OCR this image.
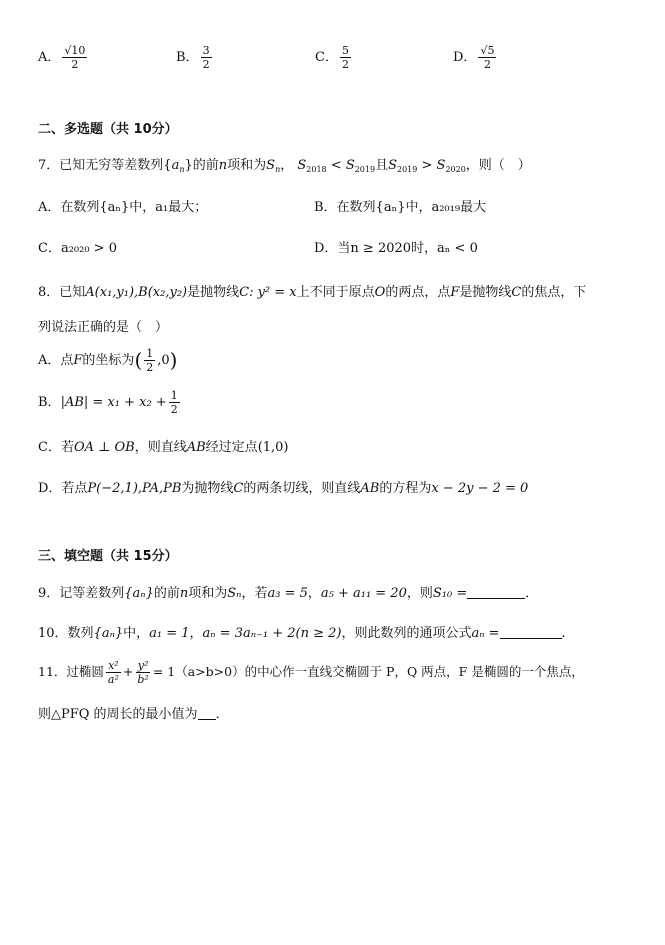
A． $\frac{√10}{2}$	B． $\frac{3}{2}$	C． $\frac{5}{2}$	D． $\frac{√5}{2}$
二、多选题（共 10分）
7．已知无穷等差数列$\{a_n\}$的前n项和为$S_n$， $S_{2018} < S_{2019}$且$S_{2019} > S_{2020}$，则（　）
A．在数列{aₙ}中，a₁最大；	B．在数列{aₙ}中，a₂₀₁₉最大
C．a₂₀₂₀ > 0	D．当n ≥ 2020时，aₙ < 0
8．已知A(x₁,y₁),B(x₂,y₂)是抛物线C: y² = x上不同于原点O的两点，点F是抛物线C的焦点，下
列说法正确的是（　）
A．点F的坐标为( $\frac{1}{2} ,0$)
B．$|AB| = x_1 + x_2 + \frac{1}{2}$
C．若OA ⊥ OB，则直线AB经过定点(1,0)
D．若点P(−2,1),PA,PB为抛物线C的两条切线，则直线AB的方程为x − 2y − 2 = 0
三、填空题（共 15分）
9．记等差数列{aₙ}的前n项和为Sₙ，若a₃ = 5，a₅ + a₁₁ = 20，则S₁₀ =	．
10．数列{aₙ}中，a₁ = 1，aₙ = 3aₙ₋₁ + 2(n ≥ 2)，则此数列的通项公式aₙ =	.
11．过椭圆 $\frac{\text{x²}}{\text{a²}} + \frac{\text{y²}}{\text{b²}} = 1(a>b>0)$的中心作一直线交椭圆于 P，Q 两点，F 是椭圆的一个焦点，
则△PFQ 的周长的最小值为 ．
